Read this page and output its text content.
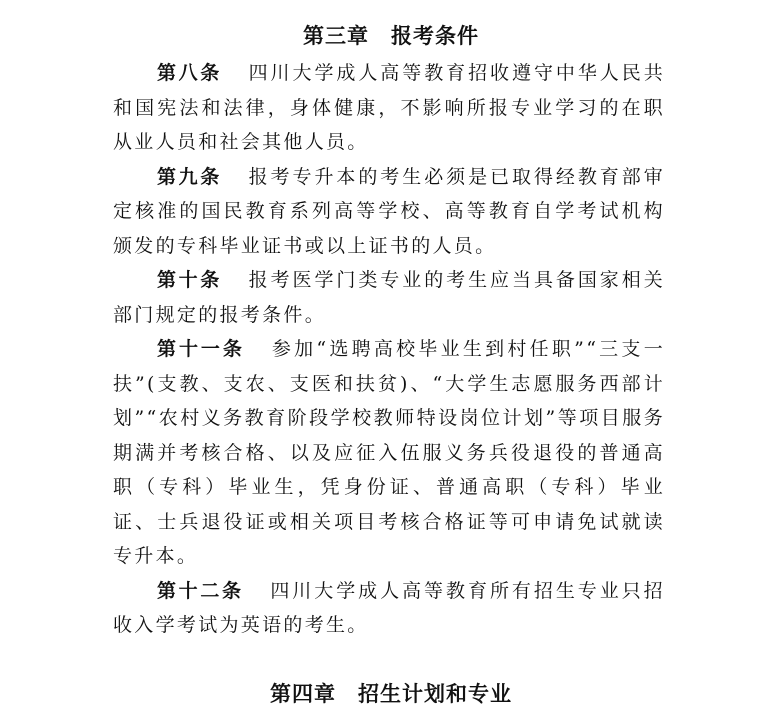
第三章　报考条件

第八条 四川大学成人高等教育招收遵守中华人民共和国宪法和法律，身体健康，不影响所报专业学习的在职从业人员和社会其他人员。

第九条 报考专升本的考生必须是已取得经教育部审定核准的国民教育系列高等学校、高等教育自学考试机构颁发的专科毕业证书或以上证书的人员。

第十条 报考医学门类专业的考生应当具备国家相关部门规定的报考条件。

第十一条 参加“选聘高校毕业生到村任职”“三支一扶”(支教、支农、支医和扶贫)、“大学生志愿服务西部计划”“农村义务教育阶段学校教师特设岗位计划”等项目服务期满并考核合格、以及应征入伍服义务兵役退役的普通高职（专科）毕业生，凭身份证、普通高职（专科）毕业证、士兵退役证或相关项目考核合格证等可申请免试就读专升本。

第十二条 四川大学成人高等教育所有招生专业只招收入学考试为英语的考生。

第四章　招生计划和专业
